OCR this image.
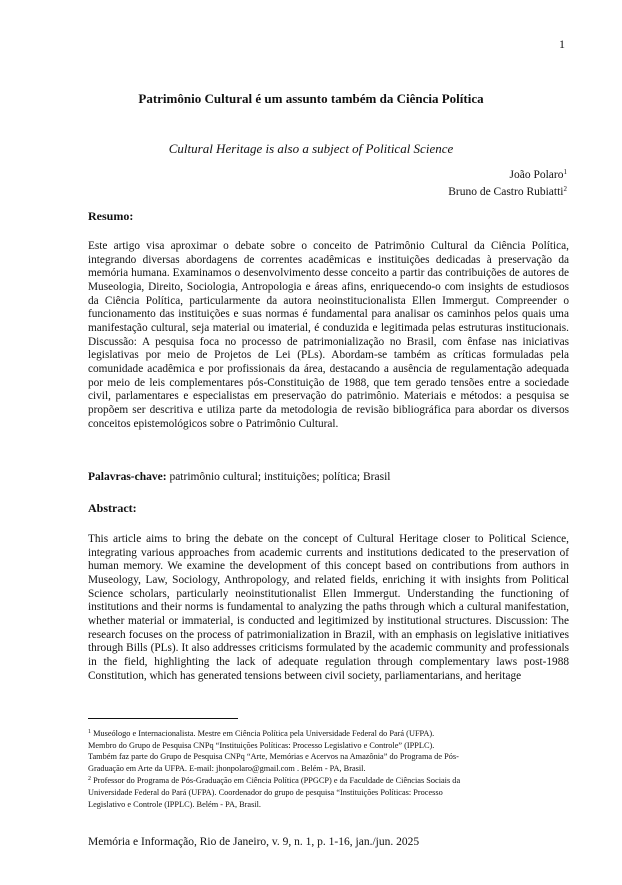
1
Patrimônio Cultural é um assunto também da Ciência Política
Cultural Heritage is also a subject of Political Science
João Polaro$^1$
Bruno de Castro Rubiatti$^2$
Resumo:

Este artigo visa aproximar o debate sobre o conceito de Patrimônio Cultural da Ciência Política, integrando diversas abordagens de correntes acadêmicas e instituições dedicadas à preservação da memória humana. Examinamos o desenvolvimento desse conceito a partir das contribuições de autores de Museologia, Direito, Sociologia, Antropologia e áreas afins, enriquecendo-o com insights de estudiosos da Ciência Política, particularmente da autora neoinstitucionalista Ellen Immergut. Compreender o funcionamento das instituições e suas normas é fundamental para analisar os caminhos pelos quais uma manifestação cultural, seja material ou imaterial, é conduzida e legitimada pelas estruturas institucionais. Discussão: A pesquisa foca no processo de patrimonialização no Brasil, com ênfase nas iniciativas legislativas por meio de Projetos de Lei (PLs). Abordam-se também as críticas formuladas pela comunidade acadêmica e por profissionais da área, destacando a ausência de regulamentação adequada por meio de leis complementares pós-Constituição de 1988, que tem gerado tensões entre a sociedade civil, parlamentares e especialistas em preservação do patrimônio. Materiais e métodos: a pesquisa se propõem ser descritiva e utiliza parte da metodologia de revisão bibliográfica para abordar os diversos conceitos epistemológicos sobre o Patrimônio Cultural.

Palavras-chave: patrimônio cultural; instituições; política; Brasil
Abstract:

This article aims to bring the debate on the concept of Cultural Heritage closer to Political Science, integrating various approaches from academic currents and institutions dedicated to the preservation of human memory. We examine the development of this concept based on contributions from authors in Museology, Law, Sociology, Anthropology, and related fields, enriching it with insights from Political Science scholars, particularly neoinstitutionalist Ellen Immergut. Understanding the functioning of institutions and their norms is fundamental to analyzing the paths through which a cultural manifestation, whether material or immaterial, is conducted and legitimized by institutional structures. Discussion: The research focuses on the process of patrimonialization in Brazil, with an emphasis on legislative initiatives through Bills (PLs). It also addresses criticisms formulated by the academic community and professionals in the field, highlighting the lack of adequate regulation through complementary laws post-1988 Constitution, which has generated tensions between civil society, parliamentarians, and heritage

$^1$ Museólogo e Internacionalista. Mestre em Ciência Política pela Universidade Federal do Pará (UFPA).

Membro do Grupo de Pesquisa CNPq “Instituições Políticas: Processo Legislativo e Controle” (IPPLC).

Também faz parte do Grupo de Pesquisa CNPq “Arte, Memórias e Acervos na Amazônia” do Programa de Pós-

Graduação em Arte da UFPA. E-mail: jhonpolaro@gmail.com . Belém - PA, Brasil.

$^2$ Professor do Programa de Pós-Graduação em Ciência Política (PPGCP) e da Faculdade de Ciências Sociais da

Universidade Federal do Pará (UFPA). Coordenador do grupo de pesquisa “Instituições Políticas: Processo

Legislativo e Controle (IPPLC). Belém - PA, Brasil.

Memória e Informação, Rio de Janeiro, v. 9, n. 1, p. 1-16, jan./jun. 2025
